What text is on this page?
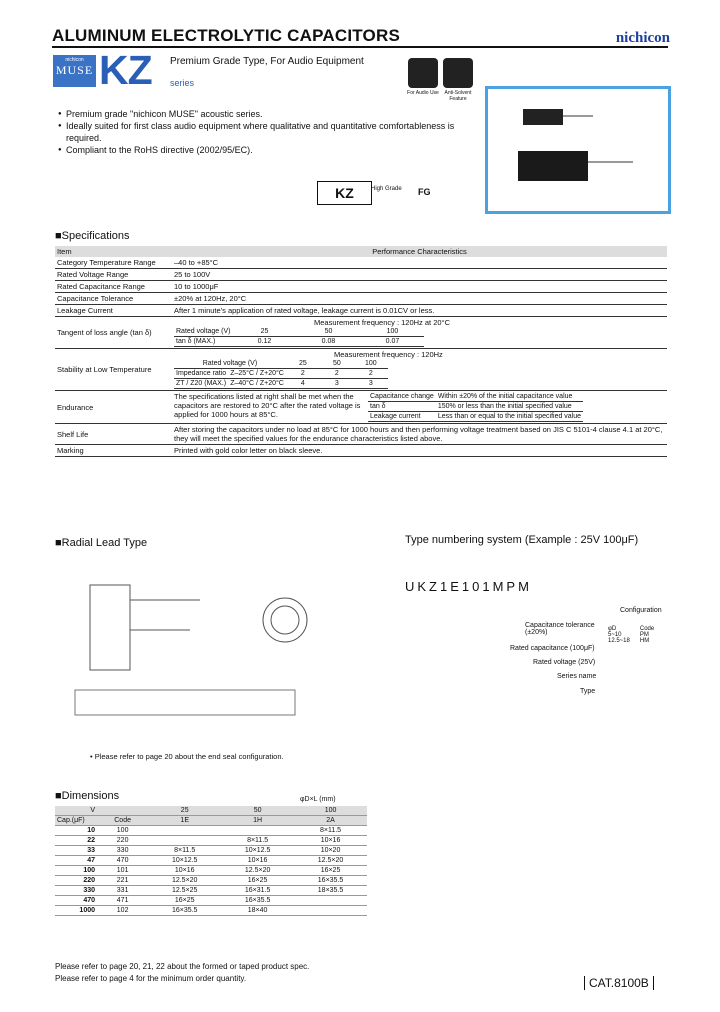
ALUMINUM ELECTROLYTIC CAPACITORS	nichicon
nichicon
MUSE KZ Premium Grade Type, For Audio Equipment
series
For Audio Use	Anti-Solvent Feature
● Premium grade "nichicon MUSE" acoustic series.
● Ideally suited for first class audio equipment where qualitative and quantitative comfortableness is required.
● Compliant to the RoHS directive (2002/95/EC).
KZ	High Grade FG
■Specifications
Item	Performance Characteristics
Category Temperature Range	–40 to +85°C
Rated Voltage Range	25 to 100V
Rated Capacitance Range	10 to 1000μF
Capacitance Tolerance	±20% at 120Hz, 20°C
Leakage Current	After 1 minute's application of rated voltage, leakage current is 0.01CV or less.
Tangent of loss angle (tan δ)	
Measurement frequency : 120Hz at 20°C
Rated voltage (V)	25	50	100
tan δ (MAX.)	0.12	0.08	0.07

Stability at Low Temperature	
Measurement frequency : 120Hz
Rated voltage (V)	25	50	100
Impedance ratio	Z–25°C / Z+20°C	2	2	2
ZT / Z20 (MAX.)	Z–40°C / Z+20°C	4	3	3

Endurance	
The specifications listed at right shall be met when the capacitors are restored to 20°C after the rated voltage is applied for 1000 hours at 85°C.
Capacitance change	Within ±20% of the initial capacitance value
tan δ	150% or less than the initial specified value
Leakage current	Less than or equal to the initial specified value

Shelf Life	After storing the capacitors under no load at 85°C for 1000 hours and then performing voltage treatment based on JIS C 5101-4 clause 4.1 at 20°C, they will meet the specified values for the endurance characteristics listed above.
Marking	Printed with gold color letter on black sleeve.
■Radial Lead Type
• Please refer to page 20 about the end seal configuration.
Type numbering system (Example : 25V 100μF)
UKZ1E101MPM
Configuration
Capacitance tolerance (±20%)	φD
5~10
12.5~18
Code
PM
HM
Rated capacitance (100μF)
Rated voltage (25V)
Series name
Type
■Dimensions	φD×L (mm)
V		25	50	100
Cap.(μF)	Code	1E	1H	2A
10	100			8×11.5
22	220		8×11.5	10×16
33	330	8×11.5	10×12.5	10×20
47	470	10×12.5	10×16	12.5×20
100	101	10×16	12.5×20	16×25
220	221	12.5×20	16×25	16×35.5
330	331	12.5×25	16×31.5	18×35.5
470	471	16×25	16×35.5	
1000	102	16×35.5	18×40	
Please refer to page 20, 21, 22 about the formed or taped product spec.
Please refer to page 4 for the minimum order quantity.	CAT.8100B
